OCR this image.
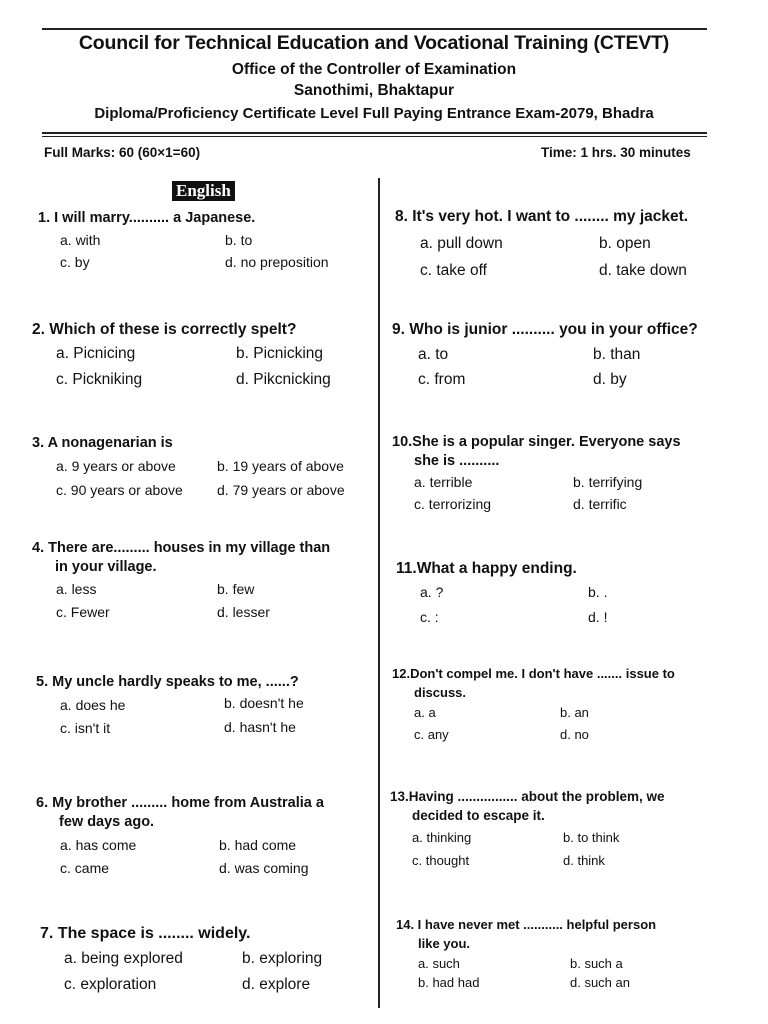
Council for Technical Education and Vocational Training (CTEVT)
Office of the Controller of Examination
Sanothimi, Bhaktapur
Diploma/Proficiency Certificate Level Full Paying Entrance Exam-2079, Bhadra
Full Marks: 60 (60×1=60)	Time: 1 hrs. 30 minutes
English
1. I will marry.......... a Japanese.
a. with	b. to
c. by	d. no preposition
2. Which of these is correctly spelt?
a. Picnicing	b. Picnicking
c. Pickniking	d. Pikcnicking
3. A nonagenarian is
a. 9 years or above	b. 19 years of above
c. 90 years or above d. 79 years or above
4. There are......... houses in my village than
in your village.
a. less	b. few
c. Fewer	d. lesser
5. My uncle hardly speaks to me, ......?
a. does he	b. doesn't he
c. isn't it	d. hasn't he
6. My brother ......... home from Australia a
few days ago.
a. has come	b. had come
c. came	d. was coming
7. The space is ........ widely.
a. being explored	b. exploring
c. exploration	d. explore
8. It's very hot. I want to ........ my jacket.
a. pull down	b. open
c. take off	d. take down
9. Who is junior .......... you in your office?
a. to	b. than
c. from	d. by
10.She is a popular singer. Everyone says
she is ..........
a. terrible	b. terrifying
c. terrorizing	d. terrific
11.What a happy ending.
a. ?	b. .
c. :	d. !
12.Don't compel me. I don't have ....... issue to
discuss.
a. a	b. an
c. any	d. no
13.Having ................ about the problem, we
decided to escape it.
a. thinking	b. to think
c. thought	d. think
14. I have never met ........... helpful person
like you.
a. such	b. such a
b. had had	d. such an
